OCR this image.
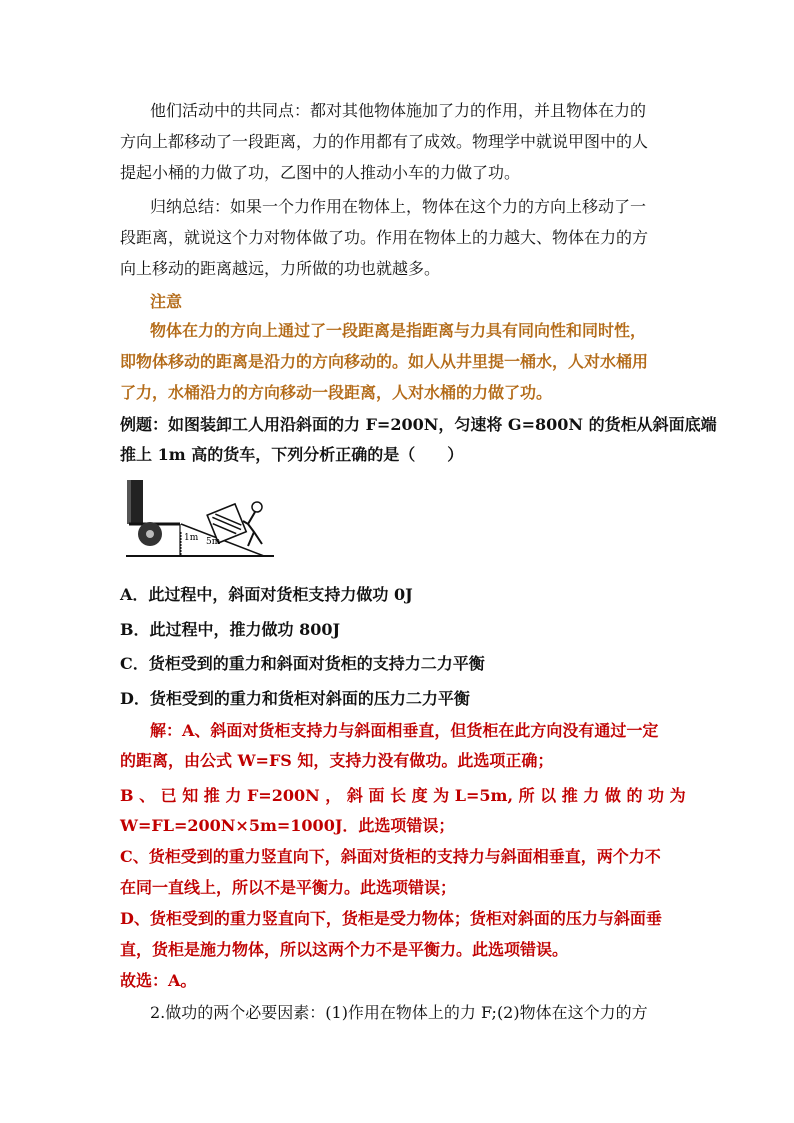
他们活动中的共同点：都对其他物体施加了力的作用，并且物体在力的
方向上都移动了一段距离，力的作用都有了成效。物理学中就说甲图中的人
提起小桶的力做了功，乙图中的人推动小车的力做了功。
归纳总结：如果一个力作用在物体上，物体在这个力的方向上移动了一
段距离，就说这个力对物体做了功。作用在物体上的力越大、物体在力的方
向上移动的距离越远，力所做的功也就越多。
注意
物体在力的方向上通过了一段距离是指距离与力具有同向性和同时性，
即物体移动的距离是沿力的方向移动的。如人从井里提一桶水，人对水桶用
了力，水桶沿力的方向移动一段距离，人对水桶的力做了功。
例题：如图装卸工人用沿斜面的力 F=200N，匀速将 G=800N 的货柜从斜面底端
推上 1m 高的货车，下列分析正确的是（　　）
1m 5m
A．此过程中，斜面对货柜支持力做功 0J
B．此过程中，推力做功 800J
C．货柜受到的重力和斜面对货柜的支持力二力平衡
D．货柜受到的重力和货柜对斜面的压力二力平衡
解：A、斜面对货柜支持力与斜面相垂直，但货柜在此方向没有通过一定
的距离，由公式 W=FS 知，支持力没有做功。此选项正确；
B 、 已 知 推 力 F=200N ， 斜 面 长 度 为 L=5m, 所 以 推 力 做 的 功 为
W=FL=200N×5m=1000J．此选项错误；
C、货柜受到的重力竖直向下，斜面对货柜的支持力与斜面相垂直，两个力不
在同一直线上，所以不是平衡力。此选项错误；
D、货柜受到的重力竖直向下，货柜是受力物体；货柜对斜面的压力与斜面垂
直，货柜是施力物体，所以这两个力不是平衡力。此选项错误。
故选：A。
2.做功的两个必要因素：(1)作用在物体上的力 F;(2)物体在这个力的方
